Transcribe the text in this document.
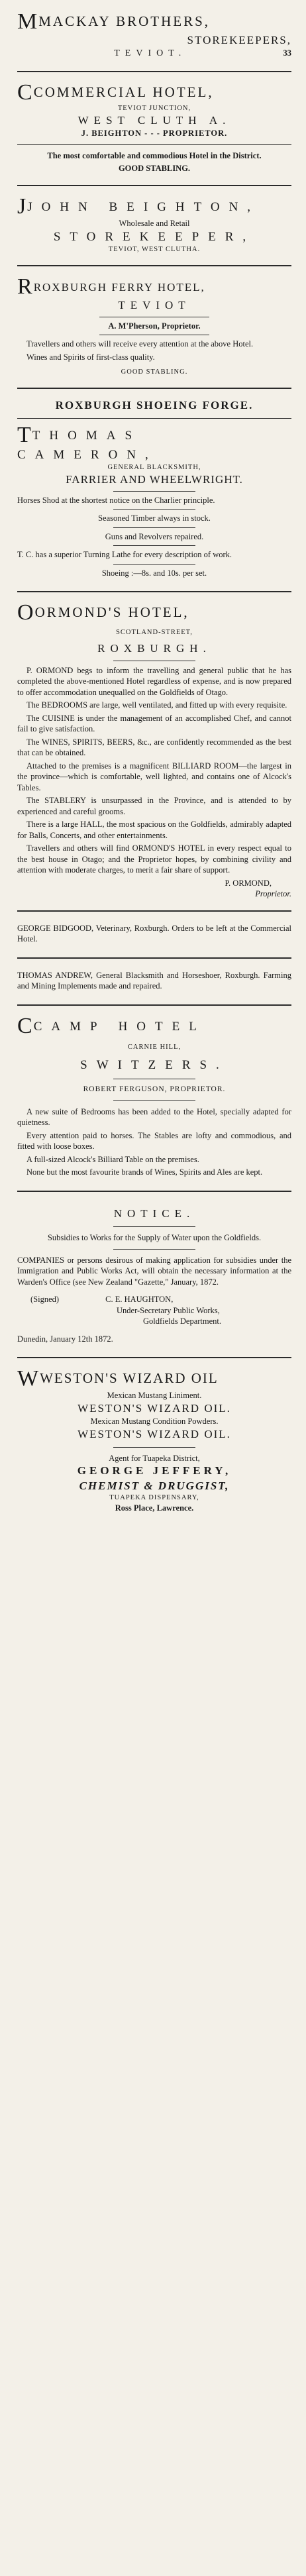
MMACKAY BROTHERS,
STOREKEEPERS,
TEVIOT.	33
CCOMMERCIAL HOTEL,
TEVIOT JUNCTION,
WEST CLUTH A.
J. BEIGHTON - - - PROPRIETOR.

The most comfortable and commodious Hotel in the District.

GOOD STABLING.
J JOHN BEIGHTON,
Wholesale and Retail
STOREKEEPER,
TEVIOT, WEST CLUTHA.
R ROXBURGH FERRY HOTEL,
TEVIOT
A. M'Pherson, Proprietor.

Travellers and others will receive every attention at the above Hotel.

Wines and Spirits of first-class quality.

GOOD STABLING.
ROXBURGH SHOEING FORGE.
T THOMAS CAMERON,
GENERAL BLACKSMITH,
FARRIER AND WHEELWRIGHT.

Horses Shod at the shortest notice on the Charlier principle.

Seasoned Timber always in stock.

Guns and Revolvers repaired.

T. C. has a superior Turning Lathe for every description of work.

Shoeing :—8s. and 10s. per set.

OORMOND'S HOTEL,
SCOTLAND-STREET,
ROXBURGH.

P. ORMOND begs to inform the travelling and general public that he has completed the above-mentioned Hotel regardless of expense, and is now prepared to offer accommodation unequalled on the Goldfields of Otago.

The BEDROOMS are large, well ventilated, and fitted up with every requisite.

The CUISINE is under the management of an accomplished Chef, and cannot fail to give satisfaction.

The WINES, SPIRITS, BEERS, &c., are confidently recommended as the best that can be obtained.

Attached to the premises is a magnificent BILLIARD ROOM—the largest in the province—which is comfortable, well lighted, and contains one of Alcock's Tables.

The STABLERY is unsurpassed in the Province, and is attended to by experienced and careful grooms.

There is a large HALL, the most spacious on the Goldfields, admirably adapted for Balls, Concerts, and other entertainments.

Travellers and others will find ORMOND'S HOTEL in every respect equal to the best house in Otago; and the Proprietor hopes, by combining civility and attention with moderate charges, to merit a fair share of support.

P. ORMOND,
Proprietor.

GEORGE BIDGOOD, Veterinary, Roxburgh. Orders to be left at the Commercial Hotel.

THOMAS ANDREW, General Blacksmith and Horseshoer, Roxburgh. Farming and Mining Implements made and repaired.

C CAMP HOTEL
CARNIE HILL,
SWITZERS.
ROBERT FERGUSON, PROPRIETOR.

A new suite of Bedrooms has been added to the Hotel, specially adapted for quietness.

Every attention paid to horses. The Stables are lofty and commodious, and fitted with loose boxes.

A full-sized Alcock's Billiard Table on the premises.

None but the most favourite brands of Wines, Spirits and Ales are kept.

NOTICE.

Subsidies to Works for the Supply of Water upon the Goldfields.

COMPANIES or persons desirous of making application for subsidies under the Immigration and Public Works Act, will obtain the necessary information at the Warden's Office (see New Zealand "Gazette," January, 1872.

(Signed)	C. E. HAUGHTON,
Under-Secretary Public Works,
Goldfields Department.

Dunedin, January 12th 1872.

WWESTON'S WIZARD OIL
Mexican Mustang Liniment.
WESTON'S WIZARD OIL.
Mexican Mustang Condition Powders.
WESTON'S WIZARD OIL.
Agent for Tuapeka District,
GEORGE JEFFERY,
CHEMIST & DRUGGIST,
TUAPEKA DISPENSARY,
Ross Place, Lawrence.
